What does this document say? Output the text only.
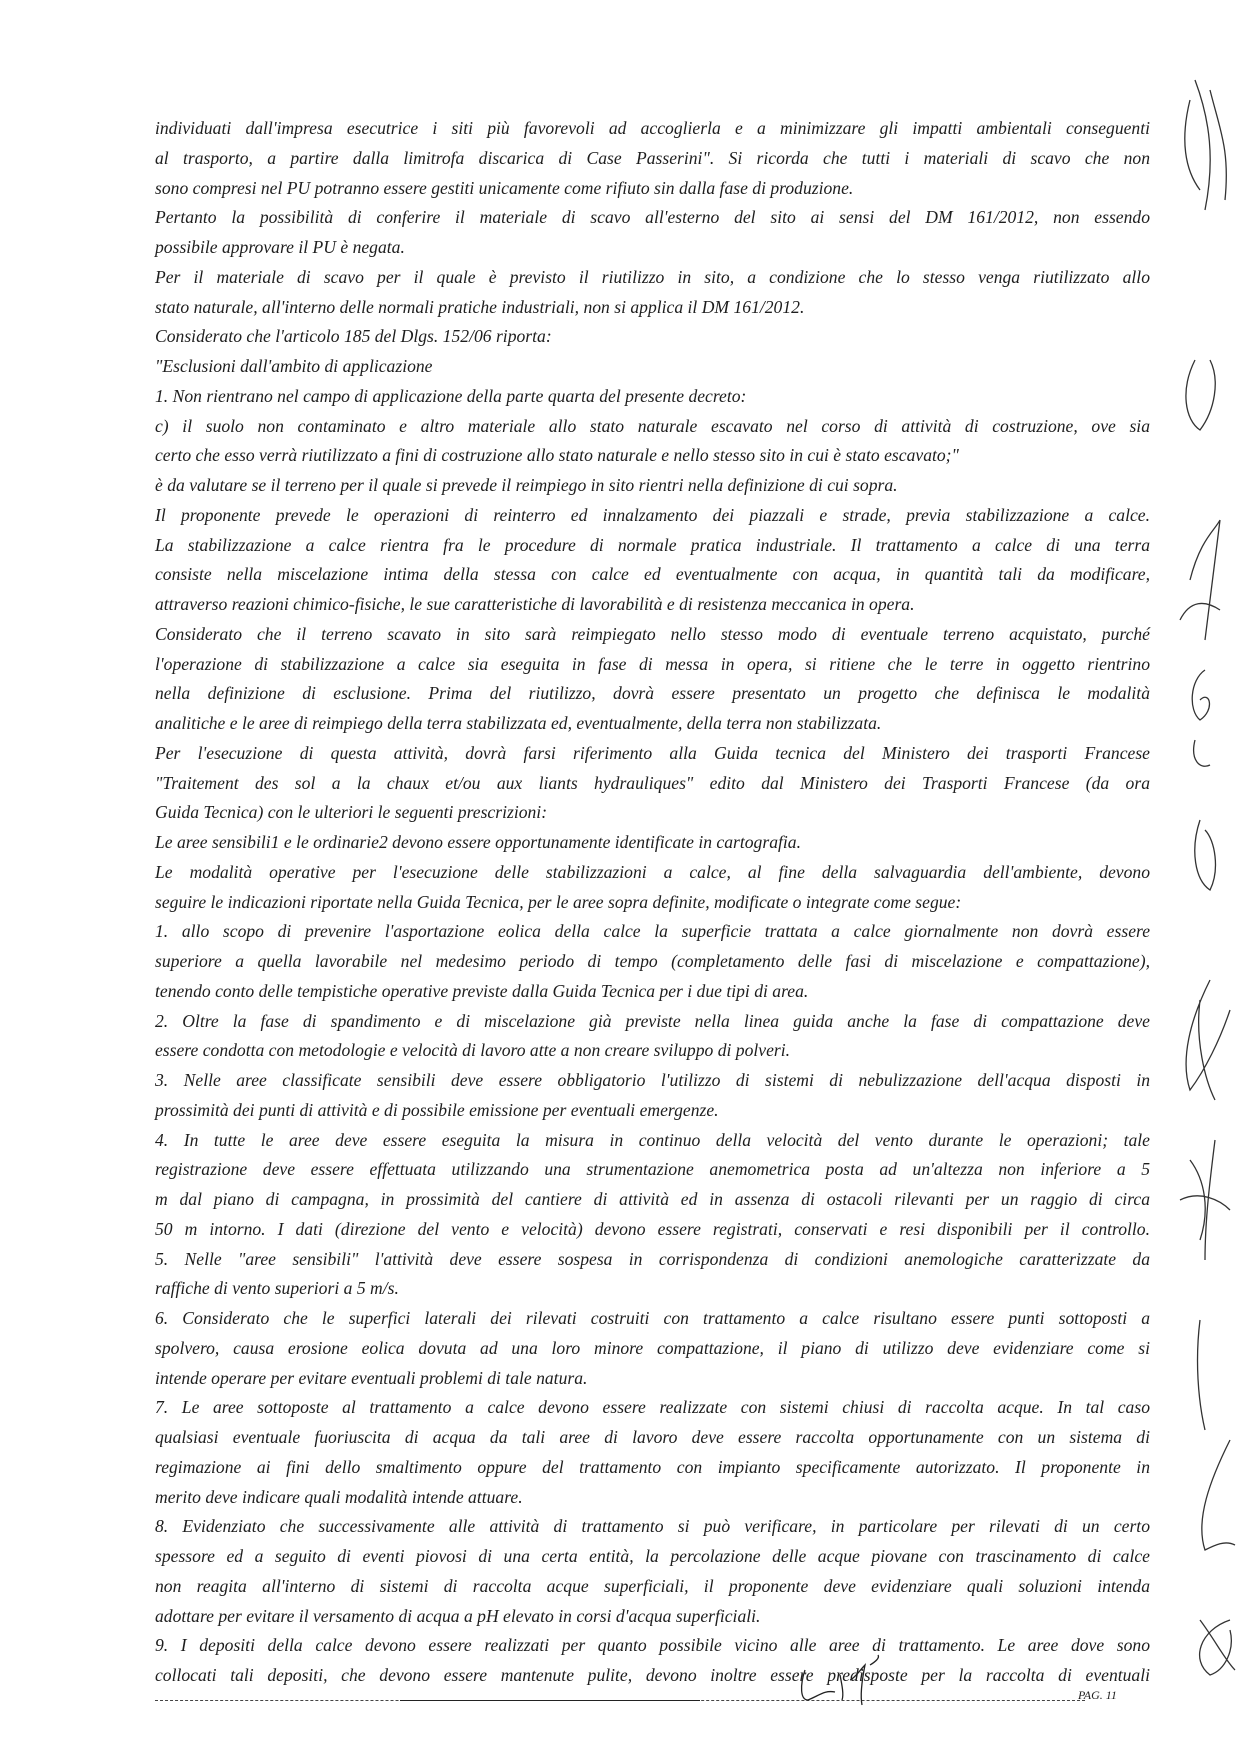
individuati dall'impresa esecutrice i siti più favorevoli ad accoglierla e a minimizzare gli impatti ambientali conseguenti
al trasporto, a partire dalla limitrofa discarica di Case Passerini". Si ricorda che tutti i materiali di scavo che non
sono compresi nel PU potranno essere gestiti unicamente come rifiuto sin dalla fase di produzione.
Pertanto la possibilità di conferire il materiale di scavo all'esterno del sito ai sensi del DM 161/2012, non essendo
possibile approvare il PU è negata.
Per il materiale di scavo per il quale è previsto il riutilizzo in sito, a condizione che lo stesso venga riutilizzato allo
stato naturale, all'interno delle normali pratiche industriali, non si applica il DM 161/2012.
Considerato che l'articolo 185 del Dlgs. 152/06 riporta:
"Esclusioni dall'ambito di applicazione
1. Non rientrano nel campo di applicazione della parte quarta del presente decreto:
c) il suolo non contaminato e altro materiale allo stato naturale escavato nel corso di attività di costruzione, ove sia
certo che esso verrà riutilizzato a fini di costruzione allo stato naturale e nello stesso sito in cui è stato escavato;"
è da valutare se il terreno per il quale si prevede il reimpiego in sito rientri nella definizione di cui sopra.
Il proponente prevede le operazioni di reinterro ed innalzamento dei piazzali e strade, previa stabilizzazione a calce.
La stabilizzazione a calce rientra fra le procedure di normale pratica industriale. Il trattamento a calce di una terra
consiste nella miscelazione intima della stessa con calce ed eventualmente con acqua, in quantità tali da modificare,
attraverso reazioni chimico-fisiche, le sue caratteristiche di lavorabilità e di resistenza meccanica in opera.
Considerato che il terreno scavato in sito sarà reimpiegato nello stesso modo di eventuale terreno acquistato, purché
l'operazione di stabilizzazione a calce sia eseguita in fase di messa in opera, si ritiene che le terre in oggetto rientrino
nella definizione di esclusione. Prima del riutilizzo, dovrà essere presentato un progetto che definisca le modalità
analitiche e le aree di reimpiego della terra stabilizzata ed, eventualmente, della terra non stabilizzata.
Per l'esecuzione di questa attività, dovrà farsi riferimento alla Guida tecnica del Ministero dei trasporti Francese
"Traitement des sol a la chaux et/ou aux liants hydrauliques" edito dal Ministero dei Trasporti Francese (da ora
Guida Tecnica) con le ulteriori le seguenti prescrizioni:
Le aree sensibili1 e le ordinarie2 devono essere opportunamente identificate in cartografia.
Le modalità operative per l'esecuzione delle stabilizzazioni a calce, al fine della salvaguardia dell'ambiente, devono
seguire le indicazioni riportate nella Guida Tecnica, per le aree sopra definite, modificate o integrate come segue:
1. allo scopo di prevenire l'asportazione eolica della calce la superficie trattata a calce giornalmente non dovrà essere
superiore a quella lavorabile nel medesimo periodo di tempo (completamento delle fasi di miscelazione e compattazione),
tenendo conto delle tempistiche operative previste dalla Guida Tecnica per i due tipi di area.
2. Oltre la fase di spandimento e di miscelazione già previste nella linea guida anche la fase di compattazione deve
essere condotta con metodologie e velocità di lavoro atte a non creare sviluppo di polveri.
3. Nelle aree classificate sensibili deve essere obbligatorio l'utilizzo di sistemi di nebulizzazione dell'acqua disposti in
prossimità dei punti di attività e di possibile emissione per eventuali emergenze.
4. In tutte le aree deve essere eseguita la misura in continuo della velocità del vento durante le operazioni; tale
registrazione deve essere effettuata utilizzando una strumentazione anemometrica posta ad un'altezza non inferiore a 5
m dal piano di campagna, in prossimità del cantiere di attività ed in assenza di ostacoli rilevanti per un raggio di circa
50 m intorno. I dati (direzione del vento e velocità) devono essere registrati, conservati e resi disponibili per il controllo.
5. Nelle "aree sensibili" l'attività deve essere sospesa in corrispondenza di condizioni anemologiche caratterizzate da
raffiche di vento superiori a 5 m/s.
6. Considerato che le superfici laterali dei rilevati costruiti con trattamento a calce risultano essere punti sottoposti a
spolvero, causa erosione eolica dovuta ad una loro minore compattazione, il piano di utilizzo deve evidenziare come si
intende operare per evitare eventuali problemi di tale natura.
7. Le aree sottoposte al trattamento a calce devono essere realizzate con sistemi chiusi di raccolta acque. In tal caso
qualsiasi eventuale fuoriuscita di acqua da tali aree di lavoro deve essere raccolta opportunamente con un sistema di
regimazione ai fini dello smaltimento oppure del trattamento con impianto specificamente autorizzato. Il proponente in
merito deve indicare quali modalità intende attuare.
8. Evidenziato che successivamente alle attività di trattamento si può verificare, in particolare per rilevati di un certo
spessore ed a seguito di eventi piovosi di una certa entità, la percolazione delle acque piovane con trascinamento di calce
non reagita all'interno di sistemi di raccolta acque superficiali, il proponente deve evidenziare quali soluzioni intenda
adottare per evitare il versamento di acqua a pH elevato in corsi d'acqua superficiali.
9. I depositi della calce devono essere realizzati per quanto possibile vicino alle aree di trattamento. Le aree dove sono
collocati tali depositi, che devono essere mantenute pulite, devono inoltre essere predisposte per la raccolta di eventuali
PAG. 11
